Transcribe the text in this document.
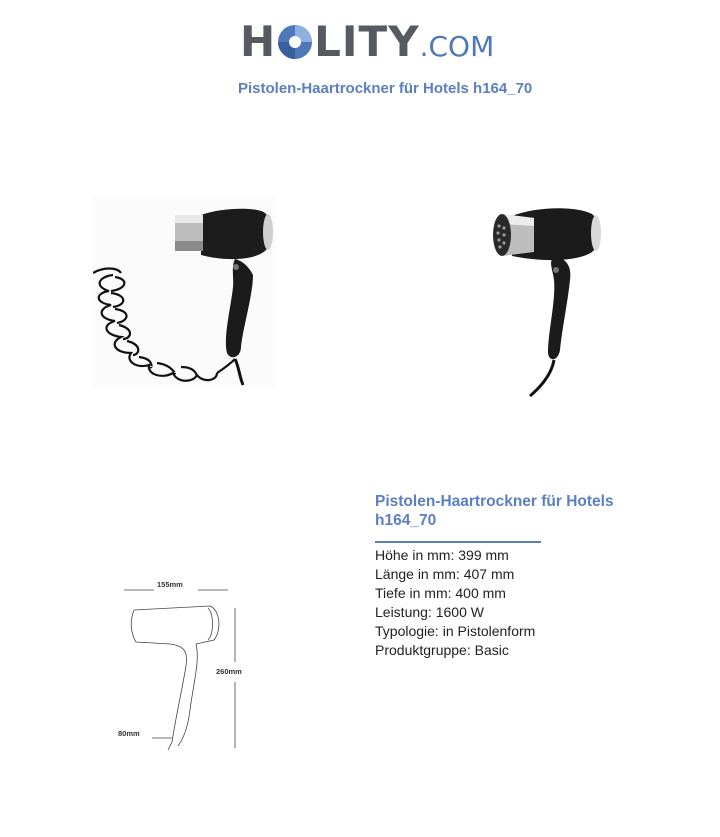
H LITY.COM
Pistolen-Haartrockner für Hotels h164_70
155mm
260mm
80mm
Pistolen-Haartrockner für Hotels h164_70
Höhe in mm: 399 mm
Länge in mm: 407 mm
Tiefe in mm: 400 mm
Leistung: 1600 W
Typologie: in Pistolenform
Produktgruppe: Basic
